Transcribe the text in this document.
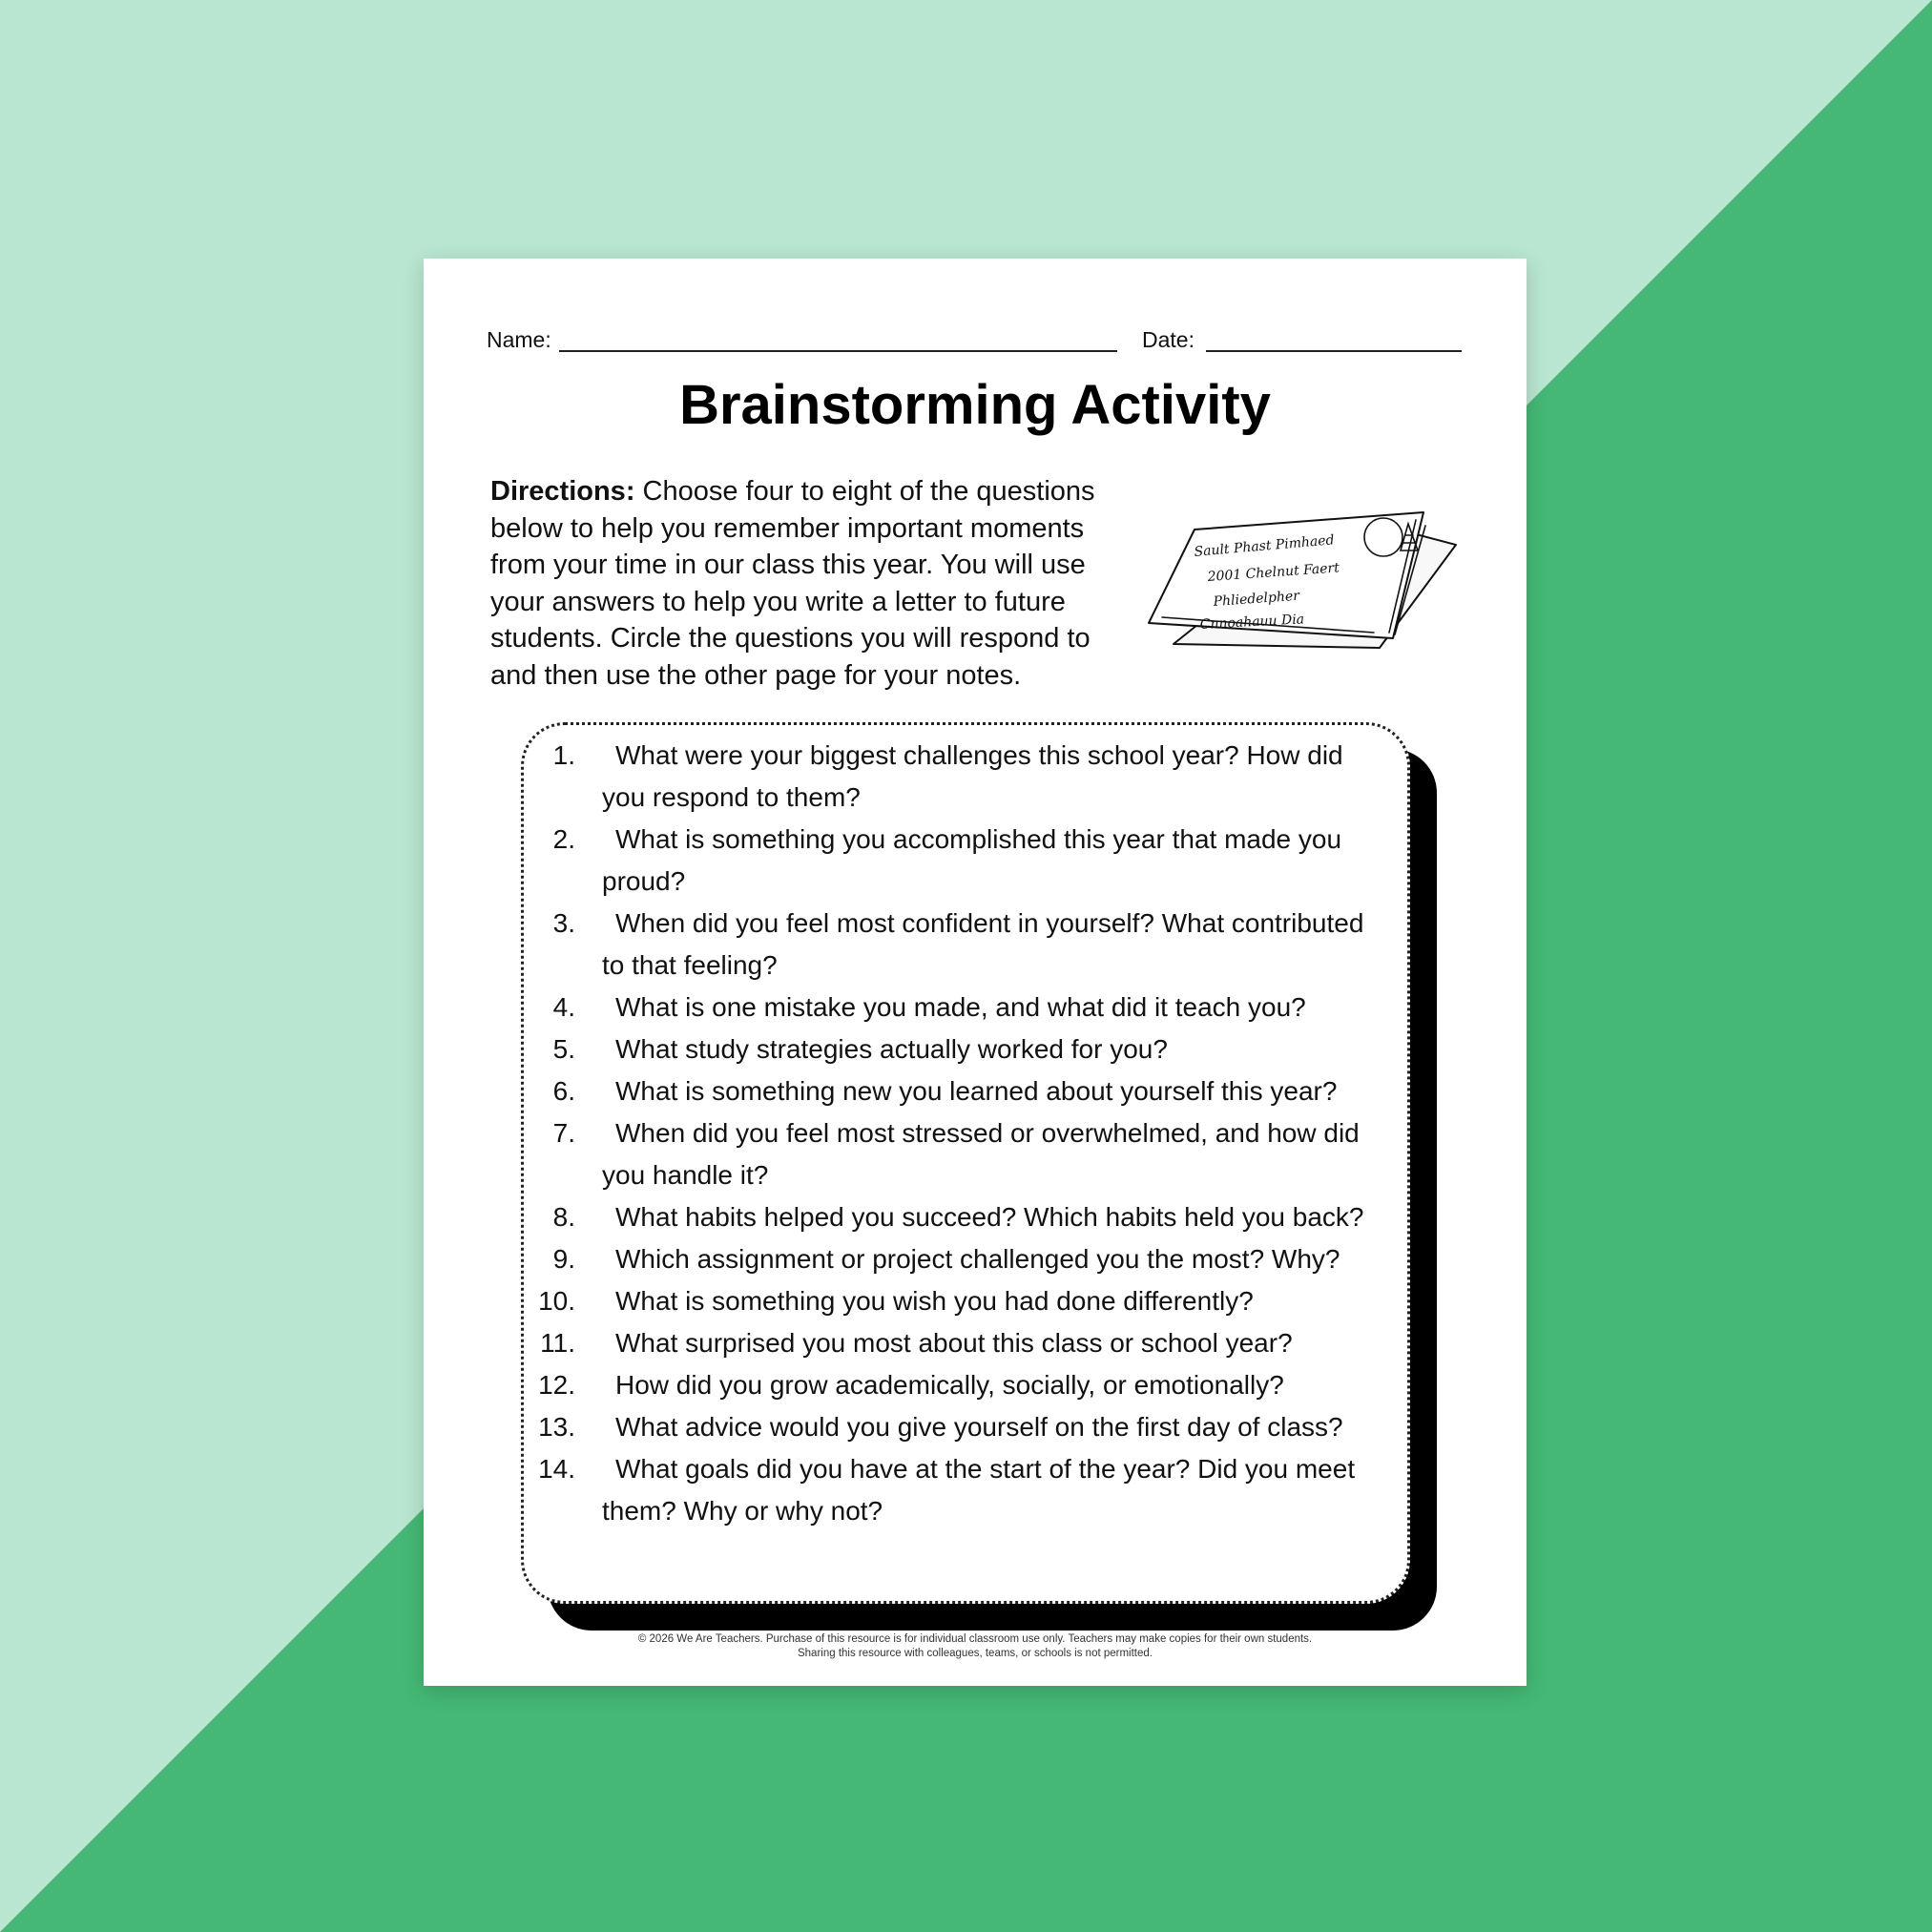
Name:	Date:
Brainstorming Activity
Directions: Choose four to eight of the questions below to help you remember important moments from your time in our class this year. You will use your answers to help you write a letter to future students. Circle the questions you will respond to and then use the other page for your notes.
Sault Phast Pimhaed
2001 Chelnut Faert
Phliedelpher
Cnnoahauu Dia
1. What were your biggest challenges this school year? How did you respond to them?
2. What is something you accomplished this year that made you proud?
3. When did you feel most confident in yourself? What contributed to that feeling?
4. What is one mistake you made, and what did it teach you?
5. What study strategies actually worked for you?
6. What is something new you learned about yourself this year?
7. When did you feel most stressed or overwhelmed, and how did you handle it?
8. What habits helped you succeed? Which habits held you back?
9. Which assignment or project challenged you the most? Why?
10. What is something you wish you had done differently?
11. What surprised you most about this class or school year?
12. How did you grow academically, socially, or emotionally?
13. What advice would you give yourself on the first day of class?
14. What goals did you have at the start of the year? Did you meet them? Why or why not?
© 2026 We Are Teachers. Purchase of this resource is for individual classroom use only. Teachers may make copies for their own students.
Sharing this resource with colleagues, teams, or schools is not permitted.
